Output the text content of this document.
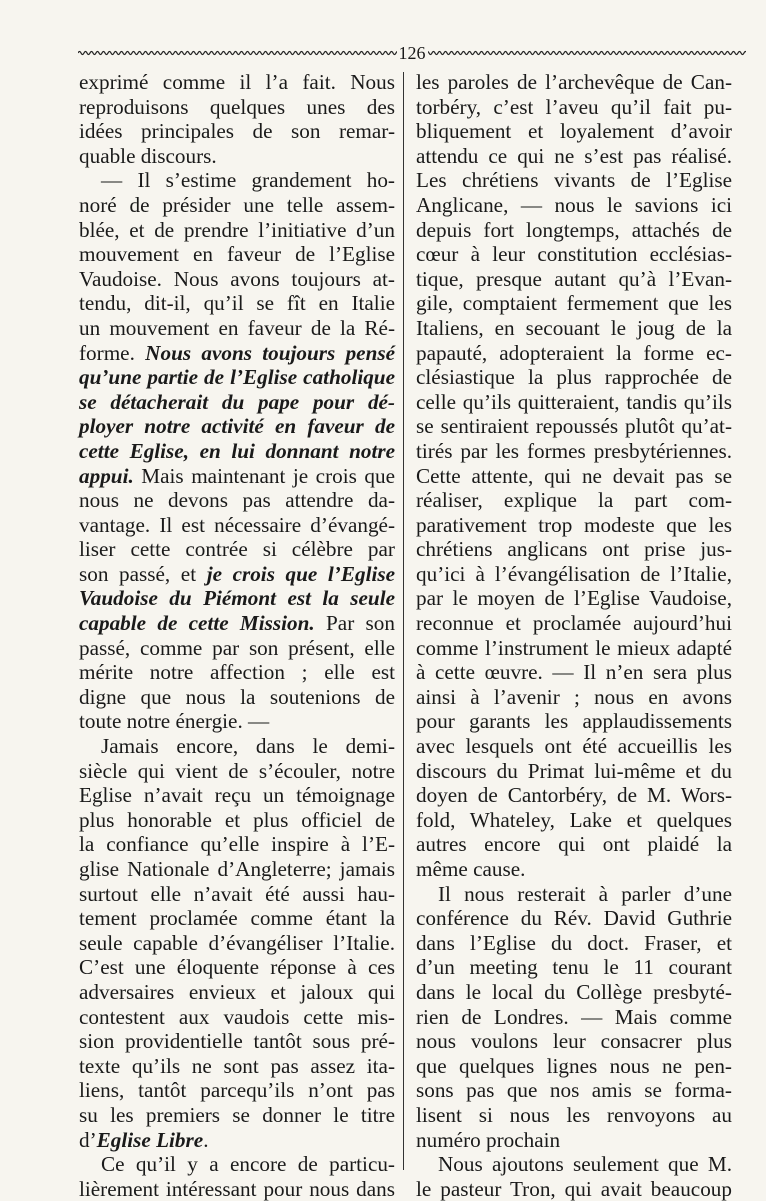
126
exprimé comme il l’a fait. Nous
reproduisons quelques unes des
idées principales de son remar-
quable discours.
— Il s’estime grandement ho-
noré de présider une telle assem-
blée, et de prendre l’initiative d’un
mouvement en faveur de l’Eglise
Vaudoise. Nous avons toujours at-
tendu, dit-il, qu’il se fît en Italie
un mouvement en faveur de la Ré-
forme. Nous avons toujours pensé
qu’une partie de l’Eglise catholique
se détacherait du pape pour dé-
ployer notre activité en faveur de
cette Eglise, en lui donnant notre
appui. Mais maintenant je crois que
nous ne devons pas attendre da-
vantage. Il est nécessaire d’évangé-
liser cette contrée si célèbre par
son passé, et je crois que l’Eglise
Vaudoise du Piémont est la seule
capable de cette Mission. Par son
passé, comme par son présent, elle
mérite notre affection ; elle est
digne que nous la soutenions de
toute notre énergie. —
Jamais encore, dans le demi-
siècle qui vient de s’écouler, notre
Eglise n’avait reçu un témoignage
plus honorable et plus officiel de
la confiance qu’elle inspire à l’E-
glise Nationale d’Angleterre; jamais
surtout elle n’avait été aussi hau-
tement proclamée comme étant la
seule capable d’évangéliser l’Italie.
C’est une éloquente réponse à ces
adversaires envieux et jaloux qui
contestent aux vaudois cette mis-
sion providentielle tantôt sous pré-
texte qu’ils ne sont pas assez ita-
liens, tantôt parcequ’ils n’ont pas
su les premiers se donner le titre
d’Eglise Libre.
Ce qu’il y a encore de particu-
lièrement intéressant pour nous dans
les paroles de l’archevêque de Can-
torbéry, c’est l’aveu qu’il fait pu-
bliquement et loyalement d’avoir
attendu ce qui ne s’est pas réalisé.
Les chrétiens vivants de l’Eglise
Anglicane, — nous le savions ici
depuis fort longtemps, attachés de
cœur à leur constitution ecclésias-
tique, presque autant qu’à l’Evan-
gile, comptaient fermement que les
Italiens, en secouant le joug de la
papauté, adopteraient la forme ec-
clésiastique la plus rapprochée de
celle qu’ils quitteraient, tandis qu’ils
se sentiraient repoussés plutôt qu’at-
tirés par les formes presbytériennes.
Cette attente, qui ne devait pas se
réaliser, explique la part com-
parativement trop modeste que les
chrétiens anglicans ont prise jus-
qu’ici à l’évangélisation de l’Italie,
par le moyen de l’Eglise Vaudoise,
reconnue et proclamée aujourd’hui
comme l’instrument le mieux adapté
à cette œuvre. — Il n’en sera plus
ainsi à l’avenir ; nous en avons
pour garants les applaudissements
avec lesquels ont été accueillis les
discours du Primat lui-même et du
doyen de Cantorbéry, de M. Wors-
fold, Whateley, Lake et quelques
autres encore qui ont plaidé la
même cause.
Il nous resterait à parler d’une
conférence du Rév. David Guthrie
dans l’Eglise du doct. Fraser, et
d’un meeting tenu le 11 courant
dans le local du Collège presbyté-
rien de Londres. — Mais comme
nous voulons leur consacrer plus
que quelques lignes nous ne pen-
sons pas que nos amis se forma-
lisent si nous les renvoyons au
numéro prochain
Nous ajoutons seulement que M.
le pasteur Tron, qui avait beaucoup
